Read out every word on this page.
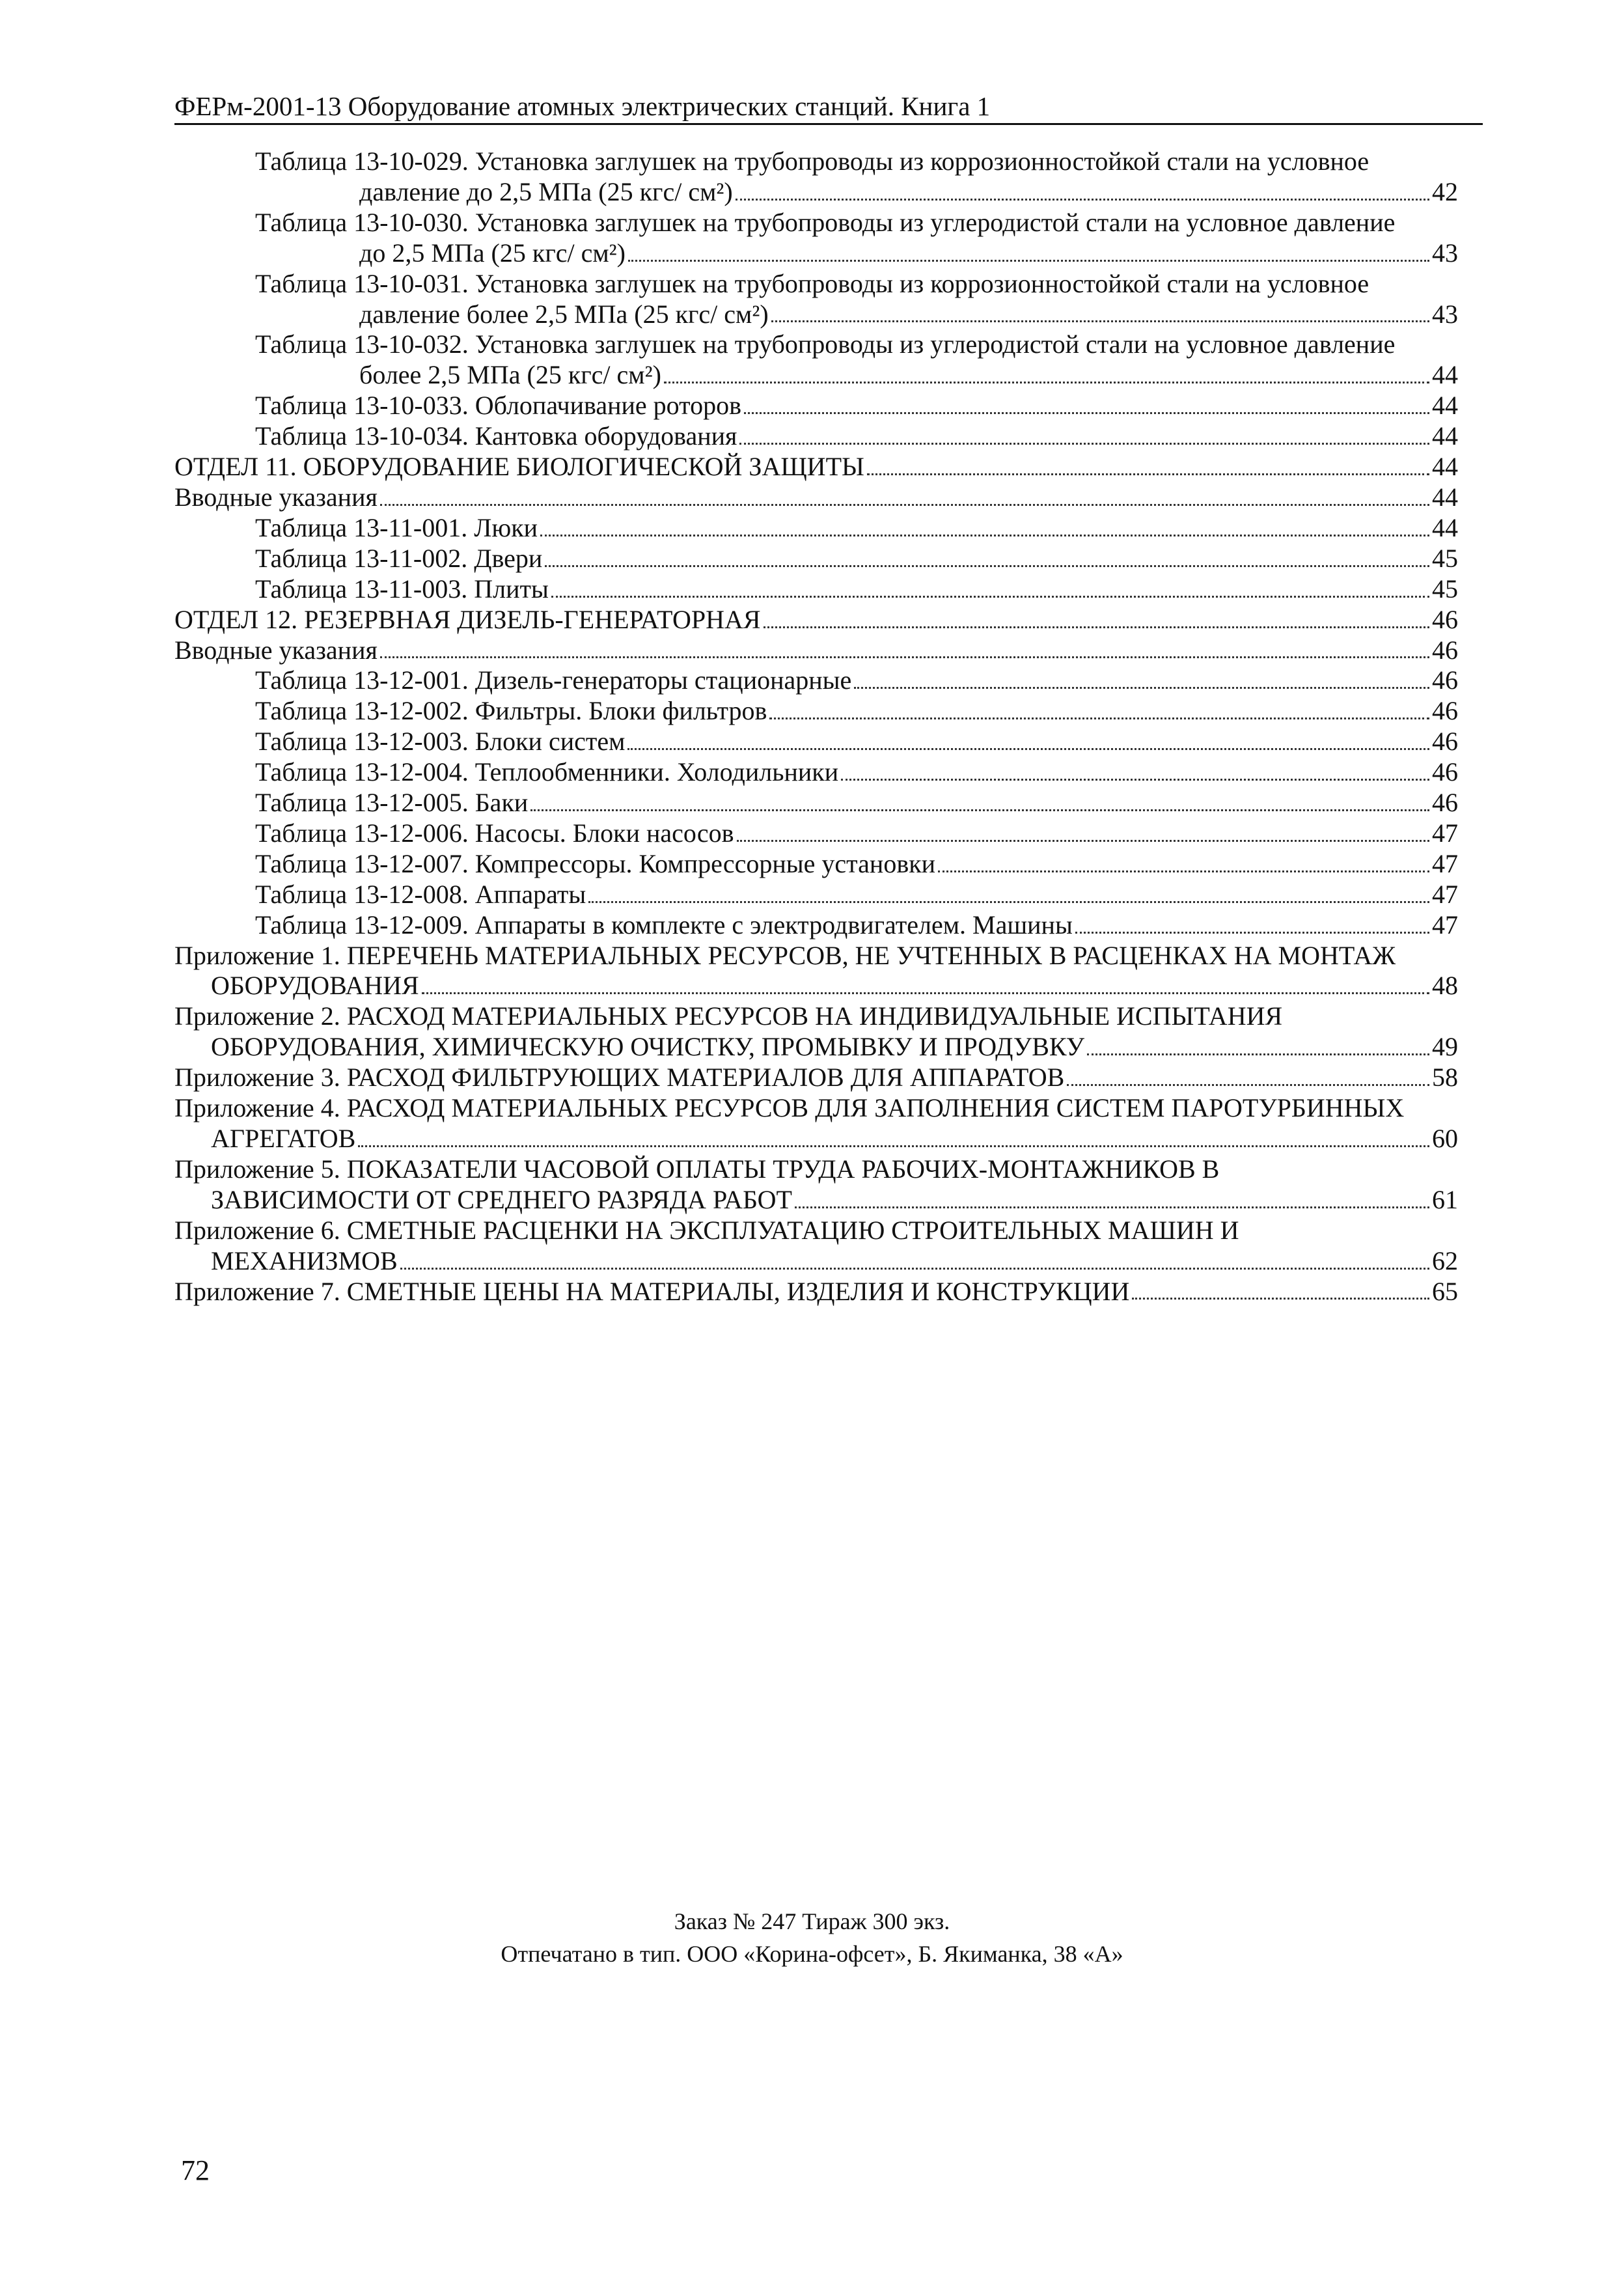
ФЕРм-2001-13 Оборудование атомных электрических станций. Книга 1
Таблица 13-10-029. Установка заглушек на трубопроводы из коррозионностойкой стали на условное
давление до 2,5 МПа (25 кгс/ см²)	42
Таблица 13-10-030. Установка заглушек на трубопроводы из углеродистой стали на условное давление
до 2,5 МПа (25 кгс/ см²)	43
Таблица 13-10-031. Установка заглушек на трубопроводы из коррозионностойкой стали на условное
давление более 2,5 МПа (25 кгс/ см²)	43
Таблица 13-10-032. Установка заглушек на трубопроводы из углеродистой стали на условное давление
более 2,5 МПа (25 кгс/ см²)	44
Таблица 13-10-033. Облопачивание роторов	44
Таблица 13-10-034. Кантовка оборудования	44
ОТДЕЛ 11. ОБОРУДОВАНИЕ БИОЛОГИЧЕСКОЙ ЗАЩИТЫ	44
Вводные указания	44
Таблица 13-11-001. Люки	44
Таблица 13-11-002. Двери	45
Таблица 13-11-003. Плиты	45
ОТДЕЛ 12. РЕЗЕРВНАЯ ДИЗЕЛЬ-ГЕНЕРАТОРНАЯ	46
Вводные указания	46
Таблица 13-12-001. Дизель-генераторы стационарные	46
Таблица 13-12-002. Фильтры. Блоки фильтров	46
Таблица 13-12-003. Блоки систем	46
Таблица 13-12-004. Теплообменники. Холодильники	46
Таблица 13-12-005. Баки	46
Таблица 13-12-006. Насосы. Блоки насосов	47
Таблица 13-12-007. Компрессоры. Компрессорные установки	47
Таблица 13-12-008. Аппараты	47
Таблица 13-12-009. Аппараты в комплекте с электродвигателем. Машины	47
Приложение 1. ПЕРЕЧЕНЬ МАТЕРИАЛЬНЫХ РЕСУРСОВ, НЕ УЧТЕННЫХ В РАСЦЕНКАХ НА МОНТАЖ
ОБОРУДОВАНИЯ	48
Приложение 2. РАСХОД МАТЕРИАЛЬНЫХ РЕСУРСОВ НА ИНДИВИДУАЛЬНЫЕ ИСПЫТАНИЯ
ОБОРУДОВАНИЯ, ХИМИЧЕСКУЮ ОЧИСТКУ, ПРОМЫВКУ И ПРОДУВКУ	49
Приложение 3. РАСХОД ФИЛЬТРУЮЩИХ МАТЕРИАЛОВ ДЛЯ АППАРАТОВ	58
Приложение 4. РАСХОД МАТЕРИАЛЬНЫХ РЕСУРСОВ ДЛЯ ЗАПОЛНЕНИЯ СИСТЕМ ПАРОТУРБИННЫХ
АГРЕГАТОВ	60
Приложение 5. ПОКАЗАТЕЛИ ЧАСОВОЙ ОПЛАТЫ ТРУДА РАБОЧИХ-МОНТАЖНИКОВ В
ЗАВИСИМОСТИ ОТ СРЕДНЕГО РАЗРЯДА РАБОТ	61
Приложение 6. СМЕТНЫЕ РАСЦЕНКИ НА ЭКСПЛУАТАЦИЮ СТРОИТЕЛЬНЫХ МАШИН И
МЕХАНИЗМОВ	62
Приложение 7. СМЕТНЫЕ ЦЕНЫ НА МАТЕРИАЛЫ, ИЗДЕЛИЯ И КОНСТРУКЦИИ	65
Заказ № 247 Тираж 300 экз.
Отпечатано в тип. ООО «Корина-офсет», Б. Якиманка, 38 «А»
72
